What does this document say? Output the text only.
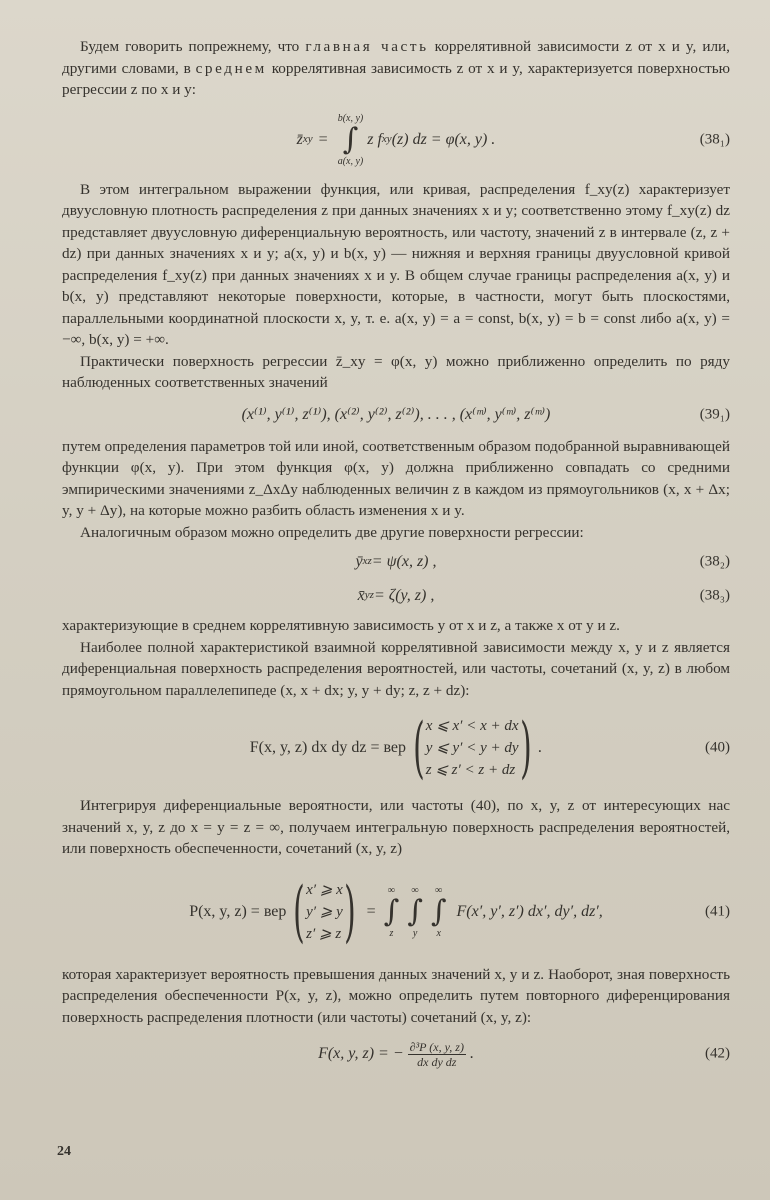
Будем говорить попрежнему, что главная часть коррелятивной зависимости z от x и y, или, другими словами, в среднем коррелятивная зависимость z от x и y, характеризуется поверхностью регрессии z по x и y:

z̄ xy =
b(x, y)
∫
a(x, y)
z f xy (z) dz = φ(x, y) .	(38₁)

В этом интегральном выражении функция, или кривая, распределения f_xy(z) характеризует двуусловную плотность распределения z при данных значениях x и y; соответственно этому f_xy(z) dz представляет двуусловную диференциальную вероятность, или частоту, значений z в интервале (z, z + dz) при данных значениях x и y; a(x, y) и b(x, y) — нижняя и верхняя границы двуусловной кривой распределения f_xy(z) при данных значениях x и y. В общем случае границы распределения a(x, y) и b(x, y) представляют некоторые поверхности, которые, в частности, могут быть плоскостями, параллельными координатной плоскости x, y, т. е. a(x, y) = a = const, b(x, y) = b = const либо a(x, y) = −∞, b(x, y) = +∞.

Практически поверхность регрессии z̄_xy = φ(x, y) можно приближенно определить по ряду наблюденных соответственных значений

(x⁽¹⁾, y⁽¹⁾, z⁽¹⁾), (x⁽²⁾, y⁽²⁾, z⁽²⁾), . . . , (x⁽ᵐ⁾, y⁽ᵐ⁾, z⁽ᵐ⁾)	(39₁)

путем определения параметров той или иной, соответственным образом подобранной выравнивающей функции φ(x, y). При этом функция φ(x, y) должна приближенно совпадать со средними эмпирическими значениями z_ΔxΔy наблюденных величин z в каждом из прямоугольников (x, x + Δx; y, y + Δy), на которые можно разбить область изменения x и y.

Аналогичным образом можно определить две другие поверхности регрессии:

ȳ xz = ψ(x, z) ,	(38₂)
x̄ yz = ζ(y, z) ,	(38₃)

характеризующие в среднем коррелятивную зависимость y от x и z, а также x от y и z.

Наиболее полной характеристикой взаимной коррелятивной зависимости между x, y и z является диференциальная поверхность распределения вероятностей, или частоты, сочетаний (x, y, z) в любом прямоугольном параллелепипеде (x, x + dx; y, y + dy; z, z + dz):

F(x, y, z) dx dy dz = вер ( x ⩽ x′ < x + dx
y ⩽ y′ < y + dy
z ⩽ z′ < z + dz ) .	(40)

Интегрируя диференциальные вероятности, или частоты (40), по x, y, z от интересующих нас значений x, y, z до x = y = z = ∞, получаем интегральную поверхность распределения вероятностей, или поверхность обеспеченности, сочетаний (x, y, z)

P(x, y, z) = вер ( x′ ⩾ x
y′ ⩾ y
z′ ⩾ z ) =
∞
∫
z
∞
∫
y
∞
∫
x
F(x′, y′, z′) dx′, dy′, dz′,	(41)

которая характеризует вероятность превышения данных значений x, y и z. Наоборот, зная поверхность распределения обеспеченности P(x, y, z), можно определить путем повторного диференцирования поверхность распределения плотности (или частоты) сочетаний (x, y, z):

F(x, y, z) = − $\frac{\text{∂³P (x, y, z)}}{\text{dx dy dz}}$ .	(42)
24
